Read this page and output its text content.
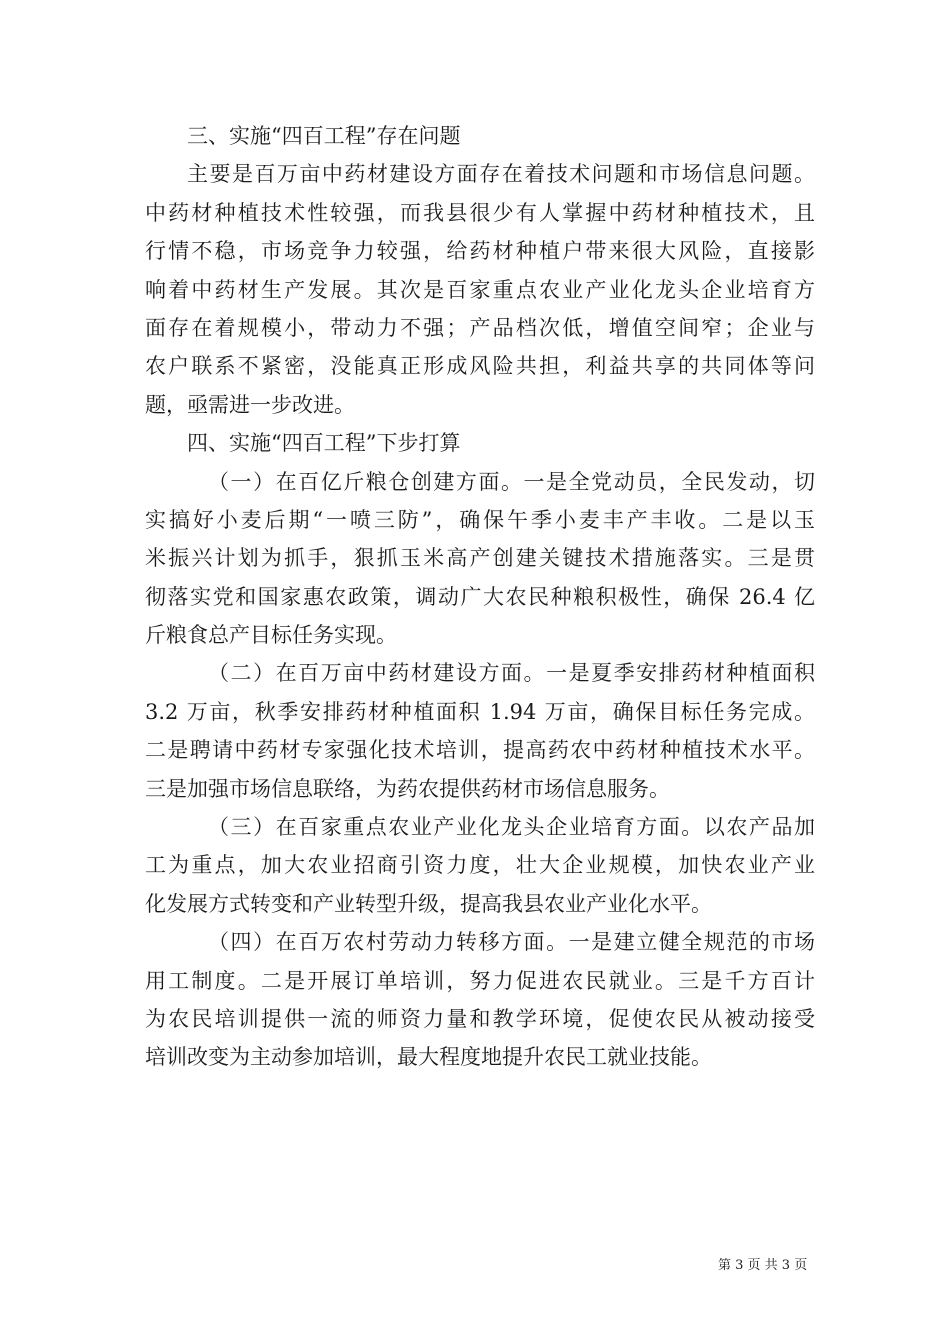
三、实施“四百工程”存在问题
主要是百万亩中药材建设方面存在着技术问题和市场信息问题。
中药材种植技术性较强，而我县很少有人掌握中药材种植技术，且
行情不稳，市场竞争力较强，给药材种植户带来很大风险，直接影
响着中药材生产发展。其次是百家重点农业产业化龙头企业培育方
面存在着规模小，带动力不强；产品档次低，增值空间窄；企业与
农户联系不紧密，没能真正形成风险共担，利益共享的共同体等问
题，亟需进一步改进。
四、实施“四百工程”下步打算
（一）在百亿斤粮仓创建方面。一是全党动员，全民发动，切
实搞好小麦后期“一喷三防”，确保午季小麦丰产丰收。二是以玉
米振兴计划为抓手，狠抓玉米高产创建关键技术措施落实。三是贯
彻落实党和国家惠农政策，调动广大农民种粮积极性，确保 26.4 亿
斤粮食总产目标任务实现。
（二）在百万亩中药材建设方面。一是夏季安排药材种植面积
3.2 万亩，秋季安排药材种植面积 1.94 万亩，确保目标任务完成。
二是聘请中药材专家强化技术培训，提高药农中药材种植技术水平。
三是加强市场信息联络，为药农提供药材市场信息服务。
（三）在百家重点农业产业化龙头企业培育方面。以农产品加
工为重点，加大农业招商引资力度，壮大企业规模，加快农业产业
化发展方式转变和产业转型升级，提高我县农业产业化水平。
（四）在百万农村劳动力转移方面。一是建立健全规范的市场
用工制度。二是开展订单培训，努力促进农民就业。三是千方百计
为农民培训提供一流的师资力量和教学环境，促使农民从被动接受
培训改变为主动参加培训，最大程度地提升农民工就业技能。
第 3 页 共 3 页
